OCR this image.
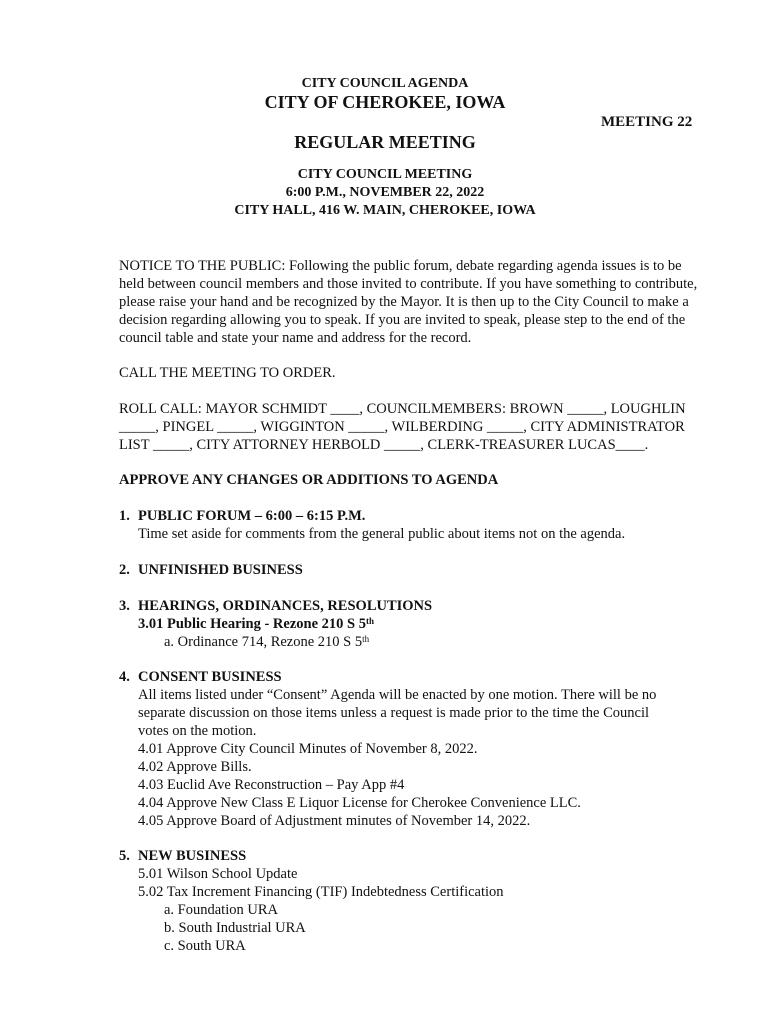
CITY COUNCIL AGENDA
CITY OF CHEROKEE, IOWA
MEETING 22
REGULAR MEETING
CITY COUNCIL MEETING
6:00 P.M., NOVEMBER 22, 2022
CITY HALL, 416 W. MAIN, CHEROKEE, IOWA
NOTICE TO THE PUBLIC: Following the public forum, debate regarding agenda issues is to be
held between council members and those invited to contribute. If you have something to contribute,
please raise your hand and be recognized by the Mayor. It is then up to the City Council to make a
decision regarding allowing you to speak. If you are invited to speak, please step to the end of the
council table and state your name and address for the record.
CALL THE MEETING TO ORDER.
ROLL CALL: MAYOR SCHMIDT ____, COUNCILMEMBERS: BROWN _____, LOUGHLIN
_____, PINGEL _____, WIGGINTON _____, WILBERDING _____, CITY ADMINISTRATOR
LIST _____, CITY ATTORNEY HERBOLD _____, CLERK-TREASURER LUCAS____.
APPROVE ANY CHANGES OR ADDITIONS TO AGENDA
1. PUBLIC FORUM – 6:00 – 6:15 P.M.
Time set aside for comments from the general public about items not on the agenda.
2. UNFINISHED BUSINESS
3. HEARINGS, ORDINANCES, RESOLUTIONS
3.01 Public Hearing - Rezone 210 S 5th
a. Ordinance 714, Rezone 210 S 5th
4. CONSENT BUSINESS
All items listed under “Consent” Agenda will be enacted by one motion. There will be no
separate discussion on those items unless a request is made prior to the time the Council
votes on the motion.
4.01 Approve City Council Minutes of November 8, 2022.
4.02 Approve Bills.
4.03 Euclid Ave Reconstruction – Pay App #4
4.04 Approve New Class E Liquor License for Cherokee Convenience LLC.
4.05 Approve Board of Adjustment minutes of November 14, 2022.
5. NEW BUSINESS
5.01 Wilson School Update
5.02 Tax Increment Financing (TIF) Indebtedness Certification
a. Foundation URA
b. South Industrial URA
c. South URA
